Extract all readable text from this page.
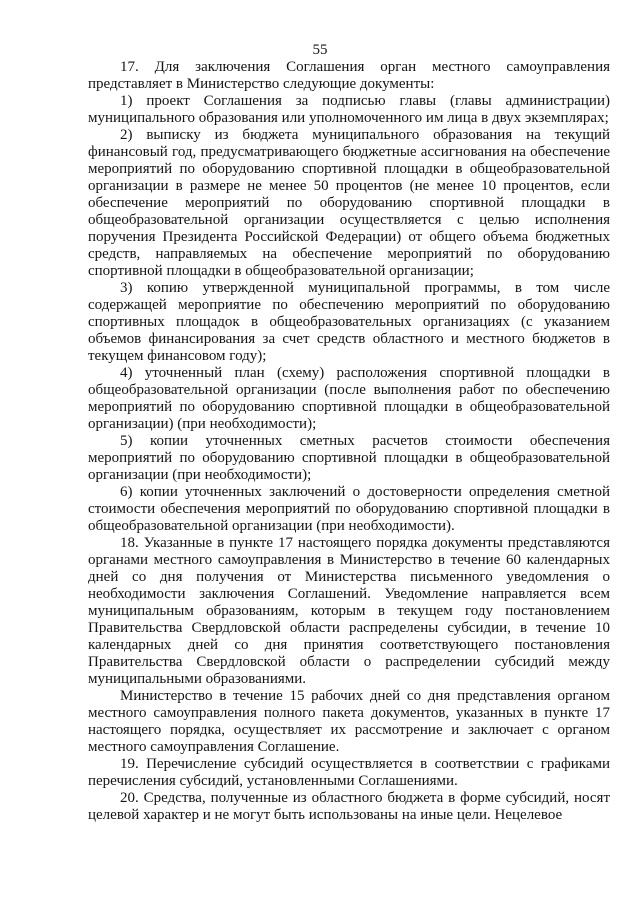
55

17. Для заключения Соглашения орган местного самоуправления представляет в Министерство следующие документы:

1) проект Соглашения за подписью главы (главы администрации) муниципального образования или уполномоченного им лица в двух экземплярах;

2) выписку из бюджета муниципального образования на текущий финансовый год, предусматривающего бюджетные ассигнования на обеспечение мероприятий по оборудованию спортивной площадки в общеобразовательной организации в размере не менее 50 процентов (не менее 10 процентов, если обеспечение мероприятий по оборудованию спортивной площадки в общеобразовательной организации осуществляется с целью исполнения поручения Президента Российской Федерации) от общего объема бюджетных средств, направляемых на обеспечение мероприятий по оборудованию спортивной площадки в общеобразовательной организации;

3) копию утвержденной муниципальной программы, в том числе содержащей мероприятие по обеспечению мероприятий по оборудованию спортивных площадок в общеобразовательных организациях (с указанием объемов финансирования за счет средств областного и местного бюджетов в текущем финансовом году);

4) уточненный план (схему) расположения спортивной площадки в общеобразовательной организации (после выполнения работ по обеспечению мероприятий по оборудованию спортивной площадки в общеобразовательной организации) (при необходимости);

5) копии уточненных сметных расчетов стоимости обеспечения мероприятий по оборудованию спортивной площадки в общеобразовательной организации (при необходимости);

6) копии уточненных заключений о достоверности определения сметной стоимости обеспечения мероприятий по оборудованию спортивной площадки в общеобразовательной организации (при необходимости).

18. Указанные в пункте 17 настоящего порядка документы представляются органами местного самоуправления в Министерство в течение 60 календарных дней со дня получения от Министерства письменного уведомления о необходимости заключения Соглашений. Уведомление направляется всем муниципальным образованиям, которым в текущем году постановлением Правительства Свердловской области распределены субсидии, в течение 10 календарных дней со дня принятия соответствующего постановления Правительства Свердловской области о распределении субсидий между муниципальными образованиями.

Министерство в течение 15 рабочих дней со дня представления органом местного самоуправления полного пакета документов, указанных в пункте 17 настоящего порядка, осуществляет их рассмотрение и заключает с органом местного самоуправления Соглашение.

19. Перечисление субсидий осуществляется в соответствии с графиками перечисления субсидий, установленными Соглашениями.

20. Средства, полученные из областного бюджета в форме субсидий, носят целевой характер и не могут быть использованы на иные цели. Нецелевое
